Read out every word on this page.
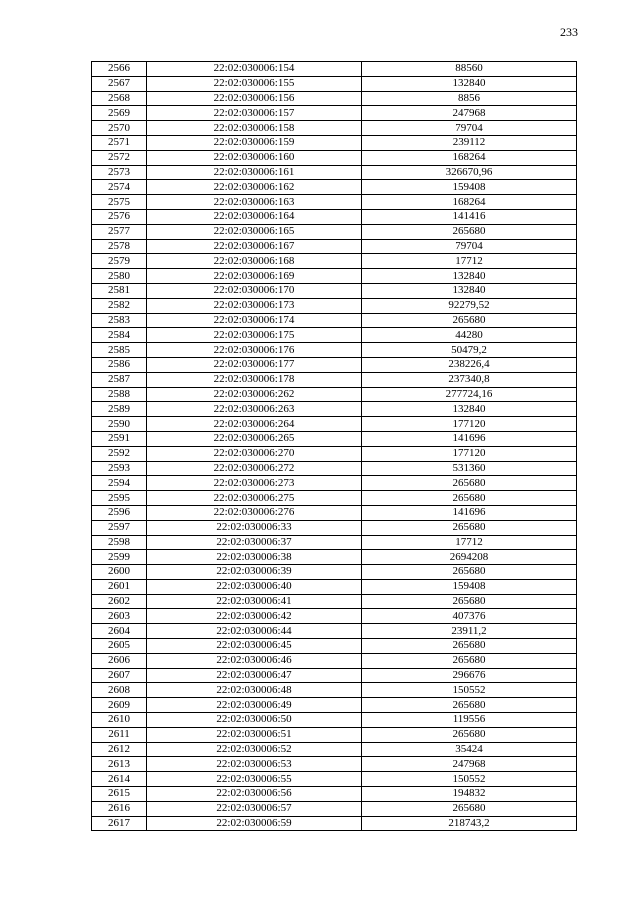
233
2566	22:02:030006:154	88560
2567	22:02:030006:155	132840
2568	22:02:030006:156	8856
2569	22:02:030006:157	247968
2570	22:02:030006:158	79704
2571	22:02:030006:159	239112
2572	22:02:030006:160	168264
2573	22:02:030006:161	326670,96
2574	22:02:030006:162	159408
2575	22:02:030006:163	168264
2576	22:02:030006:164	141416
2577	22:02:030006:165	265680
2578	22:02:030006:167	79704
2579	22:02:030006:168	17712
2580	22:02:030006:169	132840
2581	22:02:030006:170	132840
2582	22:02:030006:173	92279,52
2583	22:02:030006:174	265680
2584	22:02:030006:175	44280
2585	22:02:030006:176	50479,2
2586	22:02:030006:177	238226,4
2587	22:02:030006:178	237340,8
2588	22:02:030006:262	277724,16
2589	22:02:030006:263	132840
2590	22:02:030006:264	177120
2591	22:02:030006:265	141696
2592	22:02:030006:270	177120
2593	22:02:030006:272	531360
2594	22:02:030006:273	265680
2595	22:02:030006:275	265680
2596	22:02:030006:276	141696
2597	22:02:030006:33	265680
2598	22:02:030006:37	17712
2599	22:02:030006:38	2694208
2600	22:02:030006:39	265680
2601	22:02:030006:40	159408
2602	22:02:030006:41	265680
2603	22:02:030006:42	407376
2604	22:02:030006:44	23911,2
2605	22:02:030006:45	265680
2606	22:02:030006:46	265680
2607	22:02:030006:47	296676
2608	22:02:030006:48	150552
2609	22:02:030006:49	265680
2610	22:02:030006:50	119556
2611	22:02:030006:51	265680
2612	22:02:030006:52	35424
2613	22:02:030006:53	247968
2614	22:02:030006:55	150552
2615	22:02:030006:56	194832
2616	22:02:030006:57	265680
2617	22:02:030006:59	218743,2
